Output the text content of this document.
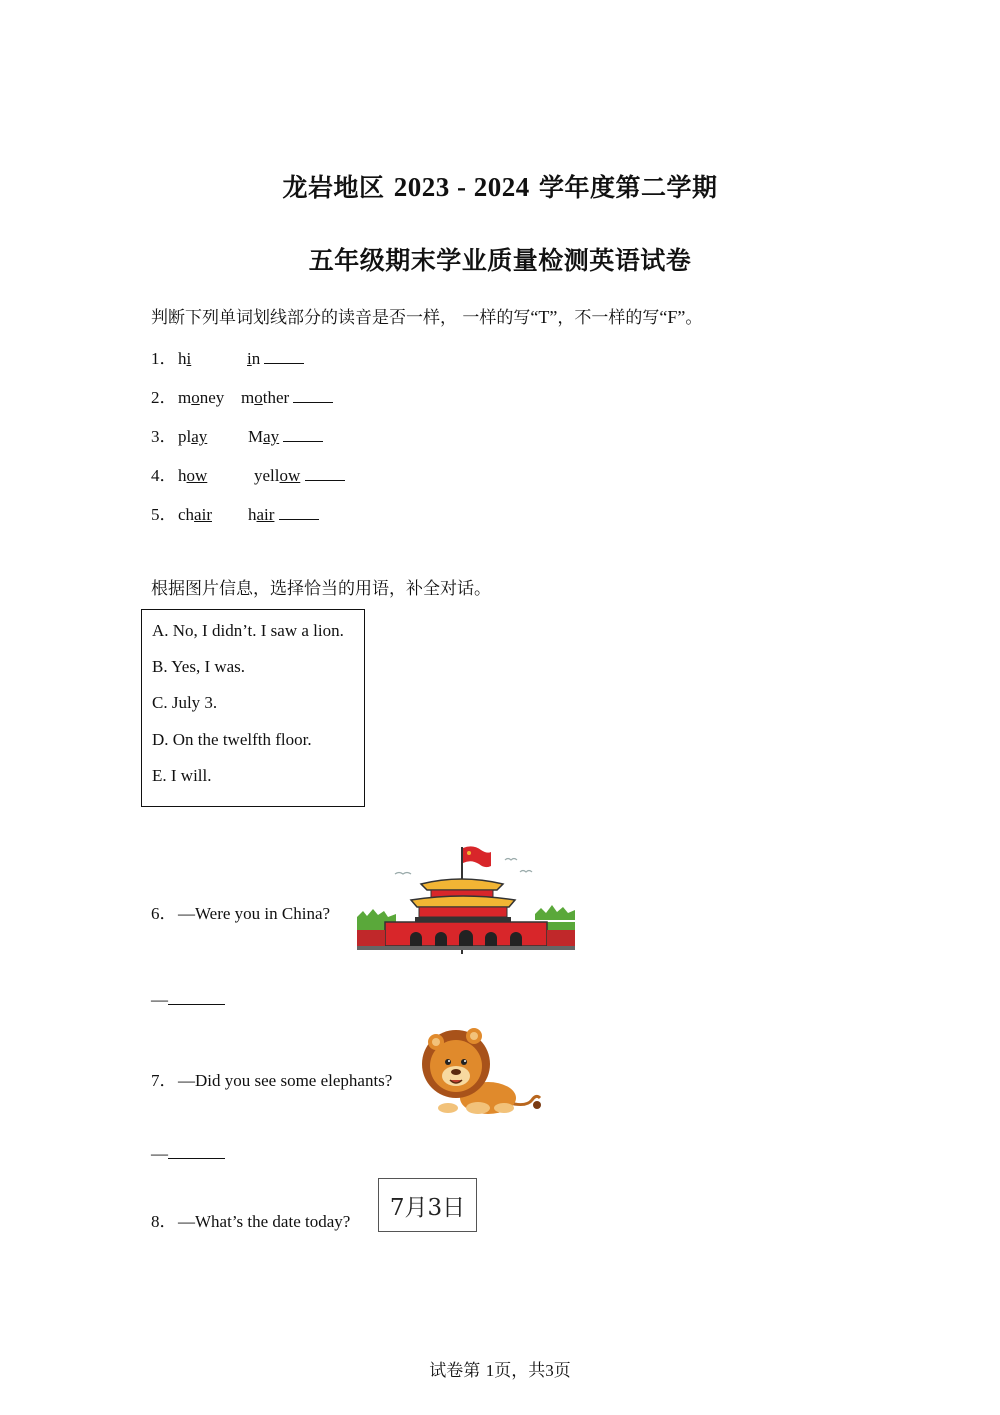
龙岩地区 2023 - 2024 学年度第二学期
五年级期末学业质量检测英语试卷
判断下列单词划线部分的读音是否一样， 一样的写“T”，不一样的写“F”。
1．hi	in
2．money mother
3．play May
4．how	yellow
5．chair hair
根据图片信息，选择恰当的用语，补全对话。
A. No, I didn’t. I saw a lion.
B. Yes, I was.
C. July 3.
D. On the twelfth floor.
E. I will.
6．—Were you in China?
—
7．—Did you see some elephants?
—
8．—What’s the date today?
7月3日
试卷第 1页，共3页
